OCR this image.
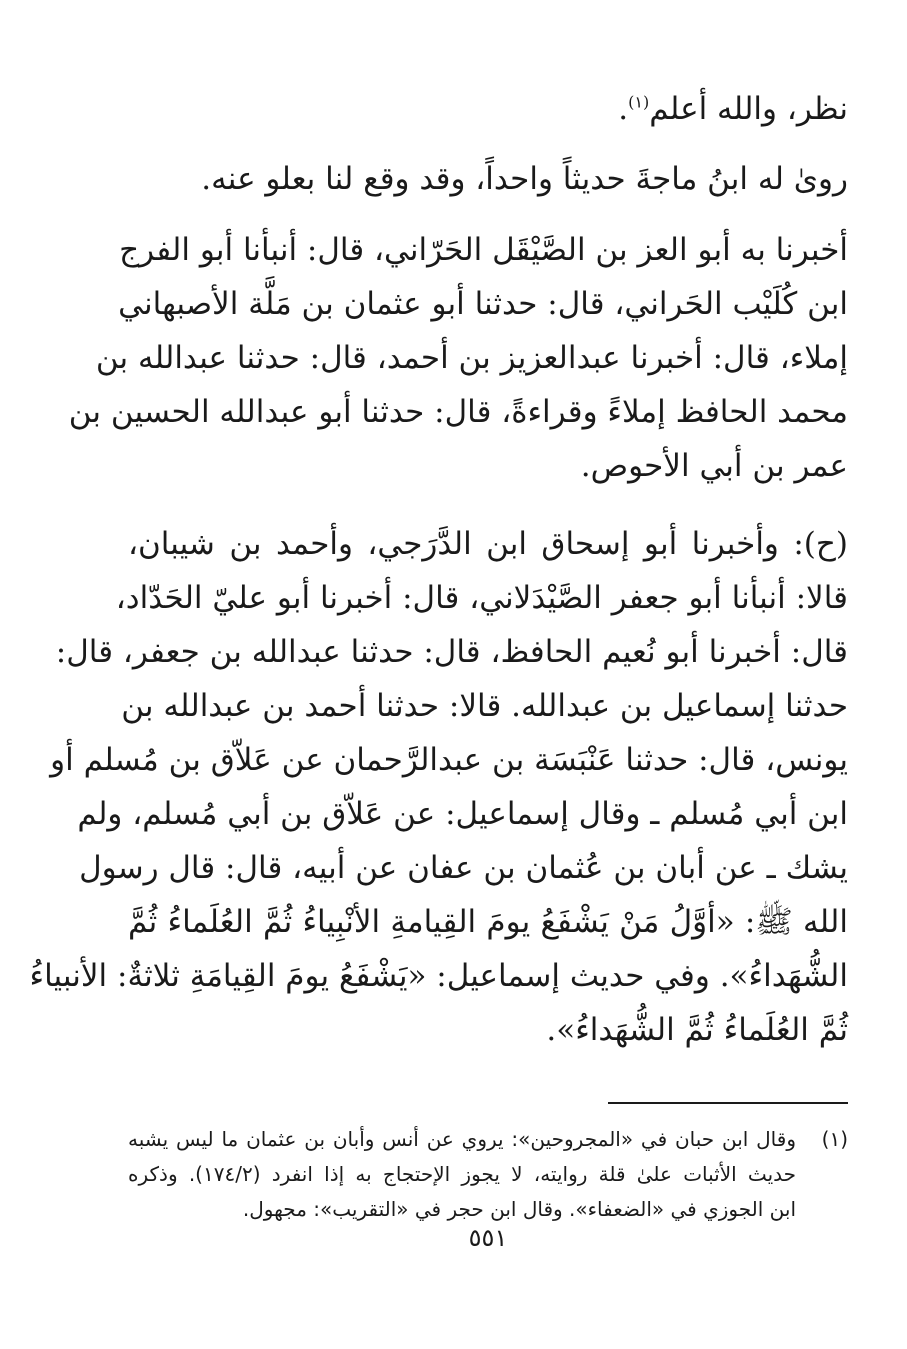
نظر، والله أعلم$^{(١)}$.

رویٰ له ابنُ ماجةَ حديثاً واحداً، وقد وقع لنا بعلو عنه.

أخبرنا به أبو العز بن الصَّيْقَل الحَرّاني، قال: أنبأنا أبو الفرج
ابن كُلَيْب الحَراني، قال: حدثنا أبو عثمان بن مَلَّة الأصبهاني
إملاء، قال: أخبرنا عبدالعزيز بن أحمد، قال: حدثنا عبدالله بن
محمد الحافظ إملاءً وقراءةً، قال: حدثنا أبو عبدالله الحسين بن
عمر بن أبي الأحوص.

(ح): وأخبرنا أبو إسحاق ابن الدَّرَجي، وأحمد بن شيبان،
قالا: أنبأنا أبو جعفر الصَّيْدَلاني، قال: أخبرنا أبو عليّ الحَدّاد،
قال: أخبرنا أبو نُعيم الحافظ، قال: حدثنا عبدالله بن جعفر، قال:
حدثنا إسماعيل بن عبدالله. قالا: حدثنا أحمد بن عبدالله بن
يونس، قال: حدثنا عَنْبَسَة بن عبدالرَّحمان عن عَلاّق بن مُسلم أو
ابن أبي مُسلم ـ وقال إسماعيل: عن عَلاّق بن أبي مُسلم، ولم
يشك ـ عن أبان بن عُثمان بن عفان عن أبيه، قال: قال رسول
الله ﷺ: «أوَّلُ مَنْ يَشْفَعُ يومَ القِيامةِ الأنْبِياءُ ثُمَّ العُلَماءُ ثُمَّ
الشُّهَداءُ». وفي حديث إسماعيل: «يَشْفَعُ يومَ القِيامَةِ ثلاثةٌ: الأنبياءُ
ثُمَّ العُلَماءُ ثُمَّ الشُّهَداءُ».

(١)
وقال ابن حبان في «المجروحين»: يروي عن أنس وأبان بن عثمان ما ليس يشبه
حديث الأثبات علىٰ قلة روايته، لا يجوز الإحتجاج به إذا انفرد (١٧٤/٢). وذكره
ابن الجوزي في «الضعفاء». وقال ابن حجر في «التقريب»: مجهول.
٥٥١
